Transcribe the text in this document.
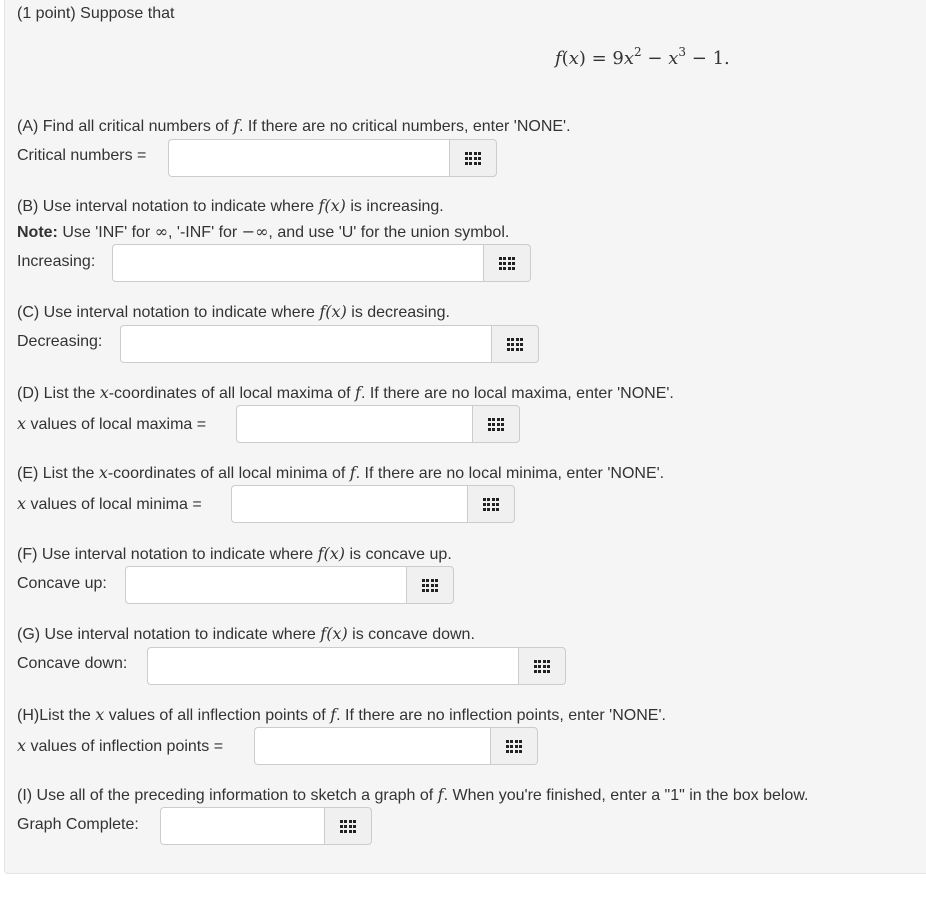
(1 point) Suppose that
$f(x) = 9x^2 - x^3 - 1$.
(A) Find all critical numbers of f. If there are no critical numbers, enter 'NONE'.
Critical numbers =
(B) Use interval notation to indicate where f(x) is increasing.
Note: Use 'INF' for ∞, '-INF' for −∞, and use 'U' for the union symbol.
Increasing:
(C) Use interval notation to indicate where f(x) is decreasing.
Decreasing:
(D) List the x-coordinates of all local maxima of f. If there are no local maxima, enter 'NONE'.
x values of local maxima =
(E) List the x-coordinates of all local minima of f. If there are no local minima, enter 'NONE'.
x values of local minima =
(F) Use interval notation to indicate where f(x) is concave up.
Concave up:
(G) Use interval notation to indicate where f(x) is concave down.
Concave down:
(H)List the x values of all inflection points of f. If there are no inflection points, enter 'NONE'.
x values of inflection points =
(I) Use all of the preceding information to sketch a graph of f. When you're finished, enter a "1" in the box below.
Graph Complete:
